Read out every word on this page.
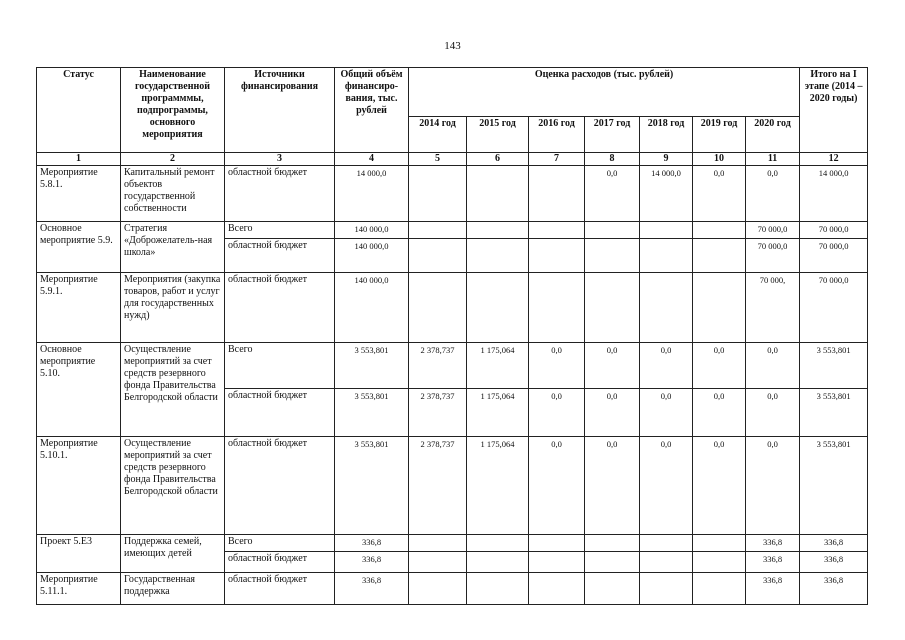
143
Статус	Наименование государственной программмы, подпрограммы, основного мероприятия	Источники финансирования	Общий объём финансиро-вания, тыс. рублей	Оценка расходов (тыс. рублей)							Итого на I этапе (2014 – 2020 годы)
				2014 год	2015 год	2016 год	2017 год	2018 год	2019 год	2020 год	
1	2	3	4	5	6	7	8	9	10	11	12
Мероприятие 5.8.1.	Капитальный ремонт объектов государственной собственности	областной бюджет	14 000,0				0,0	14 000,0	0,0	0,0	14 000,0
Основное мероприятие 5.9.	Стратегия «Доброжелатель-ная школа»	Всего	140 000,0							70 000,0	70 000,0
		областной бюджет	140 000,0							70 000,0	70 000,0
Мероприятие 5.9.1.	Мероприятия (закупка товаров, работ и услуг для государственных нужд)	областной бюджет	140 000,0							70 000,	70 000,0
Основное мероприятие 5.10.	Осуществление мероприятий за счет средств резервного фонда Правительства Белгородской области	Всего	3 553,801	2 378,737	1 175,064	0,0	0,0	0,0	0,0	0,0	3 553,801
		областной бюджет	3 553,801	2 378,737	1 175,064	0,0	0,0	0,0	0,0	0,0	3 553,801
Мероприятие 5.10.1.	Осуществление мероприятий за счет средств резервного фонда Правительства Белгородской области	областной бюджет	3 553,801	2 378,737	1 175,064	0,0	0,0	0,0	0,0	0,0	3 553,801
Проект 5.Е3	Поддержка семей, имеющих детей	Всего	336,8							336,8	336,8
		областной бюджет	336,8							336,8	336,8
Мероприятие 5.11.1.	Государственная поддержка	областной бюджет	336,8							336,8	336,8
